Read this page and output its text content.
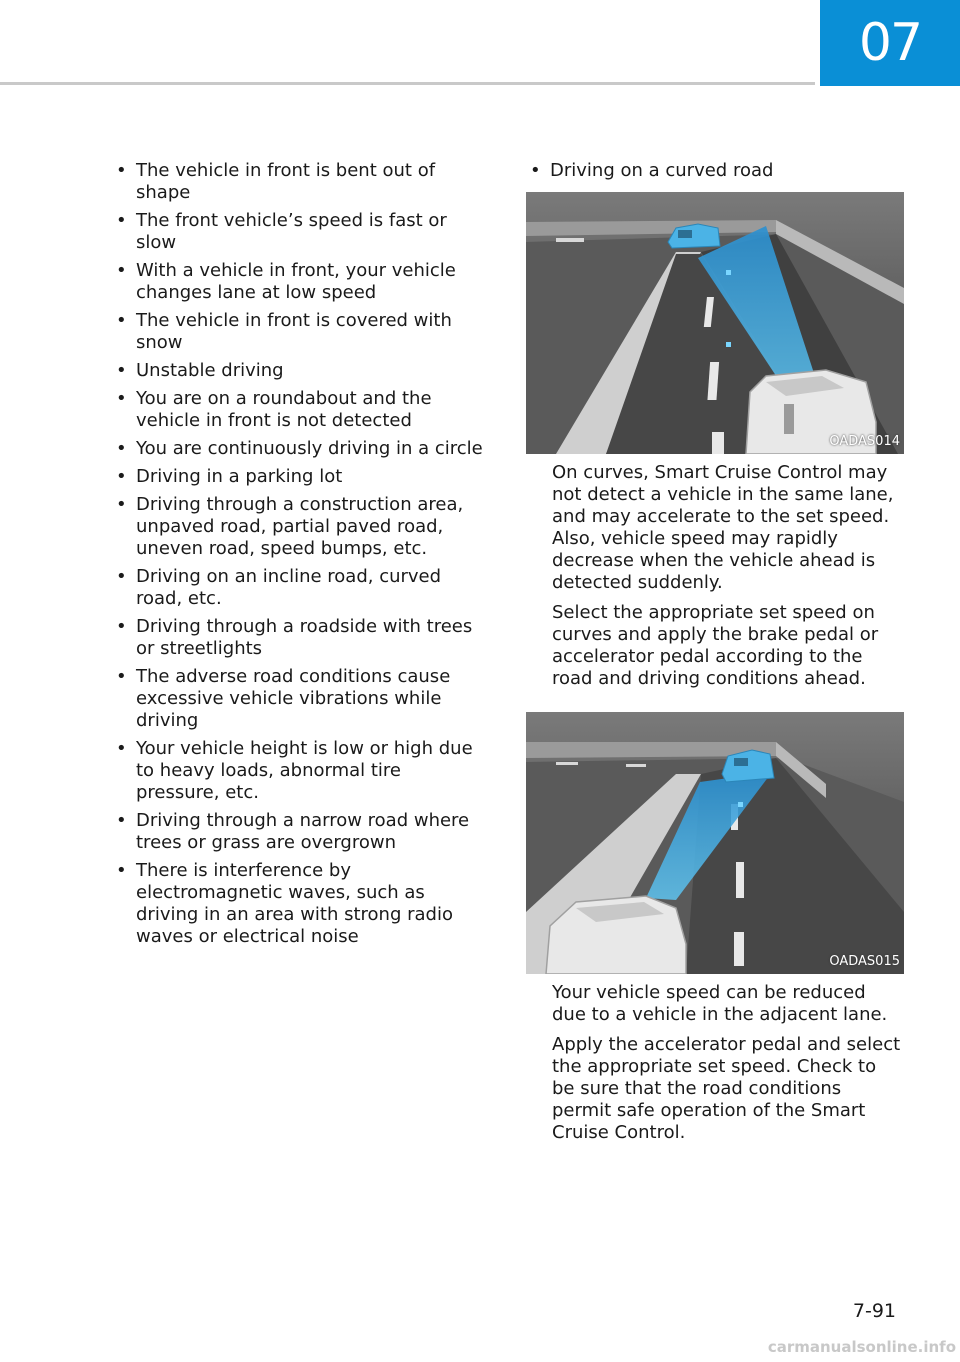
07
• The vehicle in front is bent out of shape
• The front vehicle’s speed is fast or slow
• With a vehicle in front, your vehicle changes lane at low speed
• The vehicle in front is covered with snow
• Unstable driving
• You are on a roundabout and the vehicle in front is not detected
• You are continuously driving in a circle
• Driving in a parking lot
• Driving through a construction area, unpaved road, partial paved road, uneven road, speed bumps, etc.
• Driving on an incline road, curved road, etc.
• Driving through a roadside with trees or streetlights
• The adverse road conditions cause excessive vehicle vibrations while driving
• Your vehicle height is low or high due to heavy loads, abnormal tire pressure, etc.
• Driving through a narrow road where trees or grass are overgrown
• There is interference by electromagnetic waves, such as driving in an area with strong radio waves or electrical noise
• Driving on a curved road
OADAS014

On curves, Smart Cruise Control may not detect a vehicle in the same lane, and may accelerate to the set speed. Also, vehicle speed may rapidly decrease when the vehicle ahead is detected suddenly.

Select the appropriate set speed on curves and apply the brake pedal or accelerator pedal according to the road and driving conditions ahead.

OADAS015

Your vehicle speed can be reduced due to a vehicle in the adjacent lane.

Apply the accelerator pedal and select the appropriate set speed. Check to be sure that the road conditions permit safe operation of the Smart Cruise Control.

7-91
carmanualsonline.info
